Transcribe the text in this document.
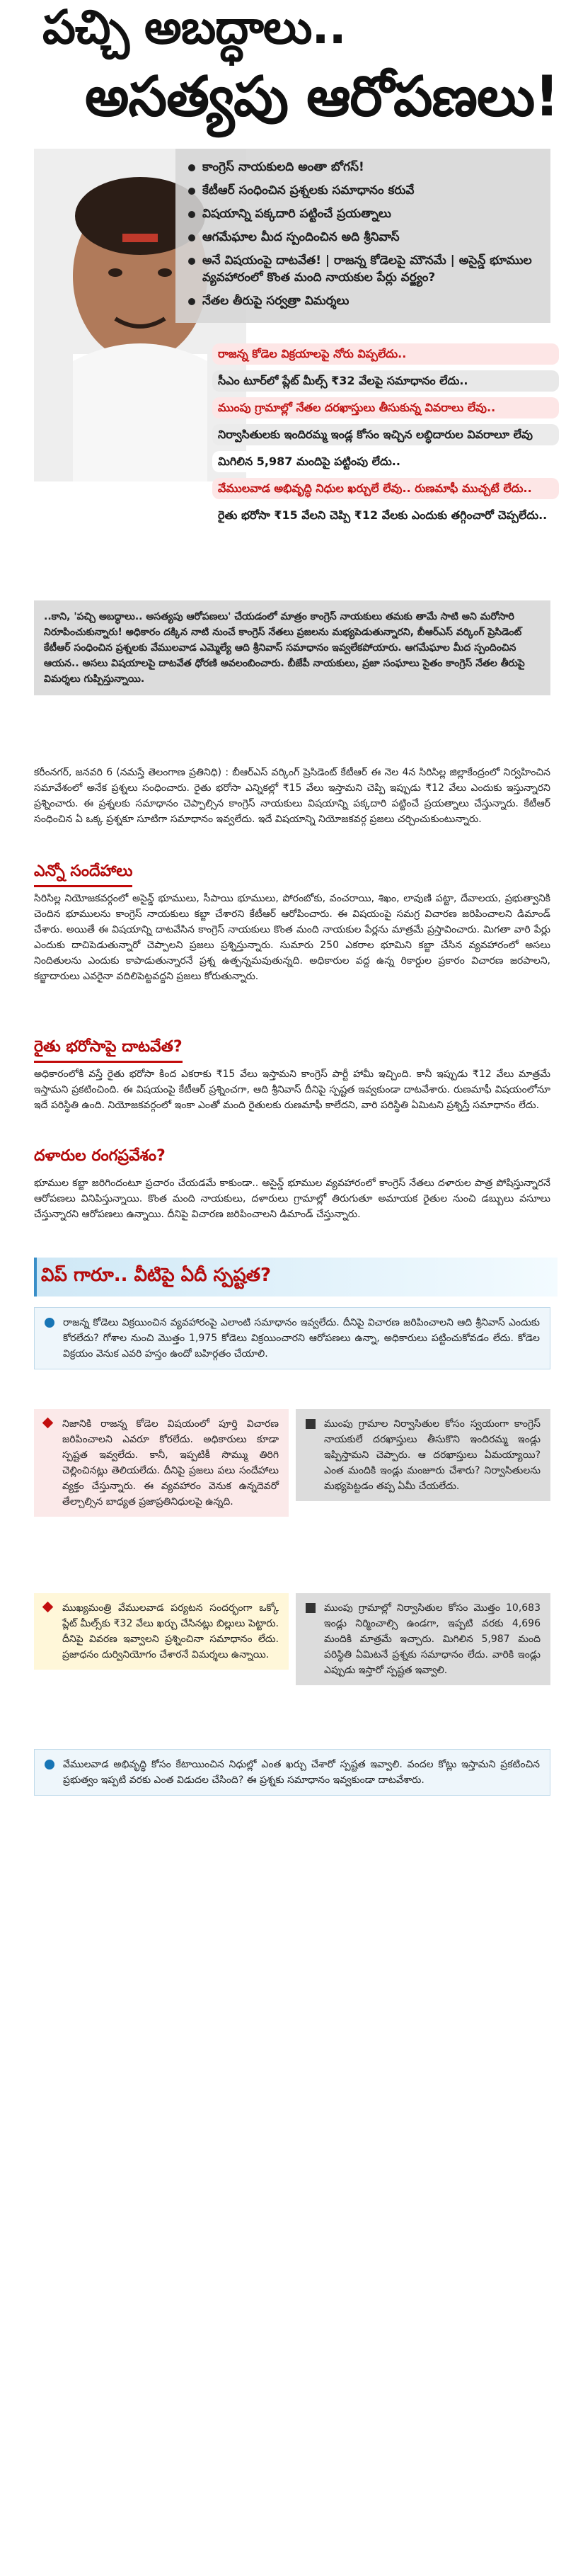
పచ్చి అబద్ధాలు..
అసత్యపు ఆరోపణలు!
కాంగ్రెస్ నాయకులది అంతా బోగస్!
కేటీఆర్ సంధించిన ప్రశ్నలకు సమాధానం కరువే
విషయాన్ని పక్కదారి పట్టించే ప్రయత్నాలు
ఆగమేఘాల మీద స్పందించిన అది శ్రీనివాస్
అనే విషయంపై దాటవేత! | రాజన్న కోడెలపై మౌనమే | అసైన్డ్ భూముల వ్యవహారంలో కొంత మంది నాయకుల పేర్లు వర్జ్యం?
నేతల తీరుపై సర్వత్రా విమర్శలు
రాజన్న కోడెల విక్రయాలపై నోరు విప్పలేదు..
సీఎం టూర్‌లో ప్లేట్ మీల్స్ ₹32 వేలపై సమాధానం లేదు..
ముంపు గ్రామాల్లో నేతల దరఖాస్తులు తీసుకున్న వివరాలు లేవు..
నిర్వాసితులకు ఇందిరమ్మ ఇండ్ల కోసం ఇచ్చిన లబ్ధిదారుల వివరాలూ లేవు
మిగిలిన 5,987 మందిపై పట్టింపు లేదు..
వేములవాడ అభివృద్ధి నిధుల ఖర్చులే లేవు.. రుణమాఫీ ముచ్చటే లేదు..
రైతు భరోసా ₹15 వేలని చెప్పి ₹12 వేలకు ఎందుకు తగ్గించారో చెప్పలేదు..
..కాని, 'పచ్చి అబద్ధాలు.. అసత్యపు ఆరోపణలు' చేయడంలో మాత్రం కాంగ్రెస్ నాయకులు తమకు తామే సాటి అని మరోసారి నిరూపించుకున్నారు! అధికారం దక్కిన నాటి నుంచే కాంగ్రెస్ నేతలు ప్రజలను మభ్యపెడుతున్నారని, బీఆర్ఎస్ వర్కింగ్ ప్రెసిడెంట్ కేటీఆర్ సంధించిన ప్రశ్నలకు వేములవాడ ఎమ్మెల్యే ఆది శ్రీనివాస్ సమాధానం ఇవ్వలేకపోయారు. ఆగమేఘాల మీద స్పందించిన ఆయన.. అసలు విషయాలపై దాటవేత ధోరణి అవలంబించారు. బీజేపీ నాయకులు, ప్రజా సంఘాలు సైతం కాంగ్రెస్ నేతల తీరుపై విమర్శలు గుప్పిస్తున్నాయి.
కరీంనగర్, జనవరి 6 (నమస్తే తెలంగాణ ప్రతినిధి) : బీఆర్ఎస్ వర్కింగ్ ప్రెసిడెంట్ కేటీఆర్ ఈ నెల 4న సిరిసిల్ల జిల్లాకేంద్రంలో నిర్వహించిన సమావేశంలో అనేక ప్రశ్నలు సంధించారు. రైతు భరోసా ఎన్నికల్లో ₹15 వేలు ఇస్తామని చెప్పి ఇప్పుడు ₹12 వేలు ఎందుకు ఇస్తున్నారని ప్రశ్నించారు. ఈ ప్రశ్నలకు సమాధానం చెప్పాల్సిన కాంగ్రెస్ నాయకులు విషయాన్ని పక్కదారి పట్టించే ప్రయత్నాలు చేస్తున్నారు. కేటీఆర్ సంధించిన ఏ ఒక్క ప్రశ్నకూ సూటిగా సమాధానం ఇవ్వలేదు. ఇదే విషయాన్ని నియోజకవర్గ ప్రజలు చర్చించుకుంటున్నారు.
ఎన్నో సందేహాలు
సిరిసిల్ల నియోజకవర్గంలో అసైన్డ్ భూములు, సీపాయి భూములు, పోరంబోకు, వంచరాయి, శిఖం, లావుణి పట్టా, దేవాలయ, ప్రభుత్వానికి చెందిన భూములను కాంగ్రెస్ నాయకులు కబ్జా చేశారని కేటీఆర్ ఆరోపించారు. ఈ విషయంపై సమగ్ర విచారణ జరిపించాలని డిమాండ్ చేశారు. అయితే ఈ విషయాన్ని దాటవేసిన కాంగ్రెస్ నాయకులు కొంత మంది నాయకుల పేర్లను మాత్రమే ప్రస్తావించారు. మిగతా వారి పేర్లు ఎందుకు దాచిపెడుతున్నారో చెప్పాలని ప్రజలు ప్రశ్నిస్తున్నారు. సుమారు 250 ఎకరాల భూమిని కబ్జా చేసిన వ్యవహారంలో అసలు నిందితులను ఎందుకు కాపాడుతున్నారనే ప్రశ్న ఉత్పన్నమవుతున్నది. అధికారుల వద్ద ఉన్న రికార్డుల ప్రకారం విచారణ జరపాలని, కబ్జాదారులు ఎవరైనా వదిలిపెట్టవద్దని ప్రజలు కోరుతున్నారు.
రైతు భరోసాపై దాటవేత?
అధికారంలోకి వస్తే రైతు భరోసా కింద ఎకరాకు ₹15 వేలు ఇస్తామని కాంగ్రెస్ పార్టీ హామీ ఇచ్చింది. కానీ ఇప్పుడు ₹12 వేలు మాత్రమే ఇస్తామని ప్రకటించింది. ఈ విషయంపై కేటీఆర్ ప్రశ్నించగా, ఆది శ్రీనివాస్ దీనిపై స్పష్టత ఇవ్వకుండా దాటవేశారు. రుణమాఫీ విషయంలోనూ ఇదే పరిస్థితి ఉంది. నియోజకవర్గంలో ఇంకా ఎంతో మంది రైతులకు రుణమాఫీ కాలేదని, వారి పరిస్థితి ఏమిటని ప్రశ్నిస్తే సమాధానం లేదు.
దళారుల రంగప్రవేశం?
భూముల కబ్జా జరిగిందంటూ ప్రచారం చేయడమే కాకుండా.. అసైన్డ్ భూముల వ్యవహారంలో కాంగ్రెస్ నేతలు దళారుల పాత్ర పోషిస్తున్నారనే ఆరోపణలు వినిపిస్తున్నాయి. కొంత మంది నాయకులు, దళారులు గ్రామాల్లో తిరుగుతూ అమాయక రైతుల నుంచి డబ్బులు వసూలు చేస్తున్నారని ఆరోపణలు ఉన్నాయి. దీనిపై విచారణ జరిపించాలని డిమాండ్ చేస్తున్నారు.
విప్ గారూ.. వీటిపై ఏదీ స్పష్టత?
రాజన్న కోడెలు విక్రయించిన వ్యవహారంపై ఎలాంటి సమాధానం ఇవ్వలేదు. దీనిపై విచారణ జరిపించాలని ఆది శ్రీనివాస్ ఎందుకు కోరలేదు? గోశాల నుంచి మొత్తం 1,975 కోడెలు విక్రయించారని ఆరోపణలు ఉన్నా, అధికారులు పట్టించుకోవడం లేదు. కోడెల విక్రయం వెనుక ఎవరి హస్తం ఉందో బహిర్గతం చేయాలి.
నిజానికి రాజన్న కోడెల విషయంలో పూర్తి విచారణ జరిపించాలని ఎవరూ కోరలేదు. అధికారులు కూడా స్పష్టత ఇవ్వలేదు. కానీ, ఇప్పటికీ సొమ్ము తిరిగి చెల్లించినట్లు తెలియలేదు. దీనిపై ప్రజలు పలు సందేహాలు వ్యక్తం చేస్తున్నారు. ఈ వ్యవహారం వెనుక ఉన్నదెవరో తేల్చాల్సిన బాధ్యత ప్రజాప్రతినిధులపై ఉన్నది.
ముంపు గ్రామాల నిర్వాసితుల కోసం స్వయంగా కాంగ్రెస్ నాయకులే దరఖాస్తులు తీసుకొని ఇందిరమ్మ ఇండ్లు ఇప్పిస్తామని చెప్పారు. ఆ దరఖాస్తులు ఏమయ్యాయి? ఎంత మందికి ఇండ్లు మంజూరు చేశారు? నిర్వాసితులను మభ్యపెట్టడం తప్ప ఏమీ చేయలేదు.
ముంపు గ్రామాల్లో నిర్వాసితుల కోసం మొత్తం 10,683 ఇండ్లు నిర్మించాల్సి ఉండగా, ఇప్పటి వరకు 4,696 మందికి మాత్రమే ఇచ్చారు. మిగిలిన 5,987 మంది పరిస్థితి ఏమిటనే ప్రశ్నకు సమాధానం లేదు. వారికి ఇండ్లు ఎప్పుడు ఇస్తారో స్పష్టత ఇవ్వాలి.
ముఖ్యమంత్రి వేములవాడ పర్యటన సందర్భంగా ఒక్కో ప్లేట్ మీల్స్‌కు ₹32 వేలు ఖర్చు చేసినట్లు బిల్లులు పెట్టారు. దీనిపై వివరణ ఇవ్వాలని ప్రశ్నించినా సమాధానం లేదు. ప్రజాధనం దుర్వినియోగం చేశారనే విమర్శలు ఉన్నాయి.
వేములవాడ అభివృద్ధి కోసం కేటాయించిన నిధుల్లో ఎంత ఖర్చు చేశారో స్పష్టత ఇవ్వాలి. వందల కోట్లు ఇస్తామని ప్రకటించిన ప్రభుత్వం ఇప్పటి వరకు ఎంత విడుదల చేసింది? ఈ ప్రశ్నకు సమాధానం ఇవ్వకుండా దాటవేశారు.
